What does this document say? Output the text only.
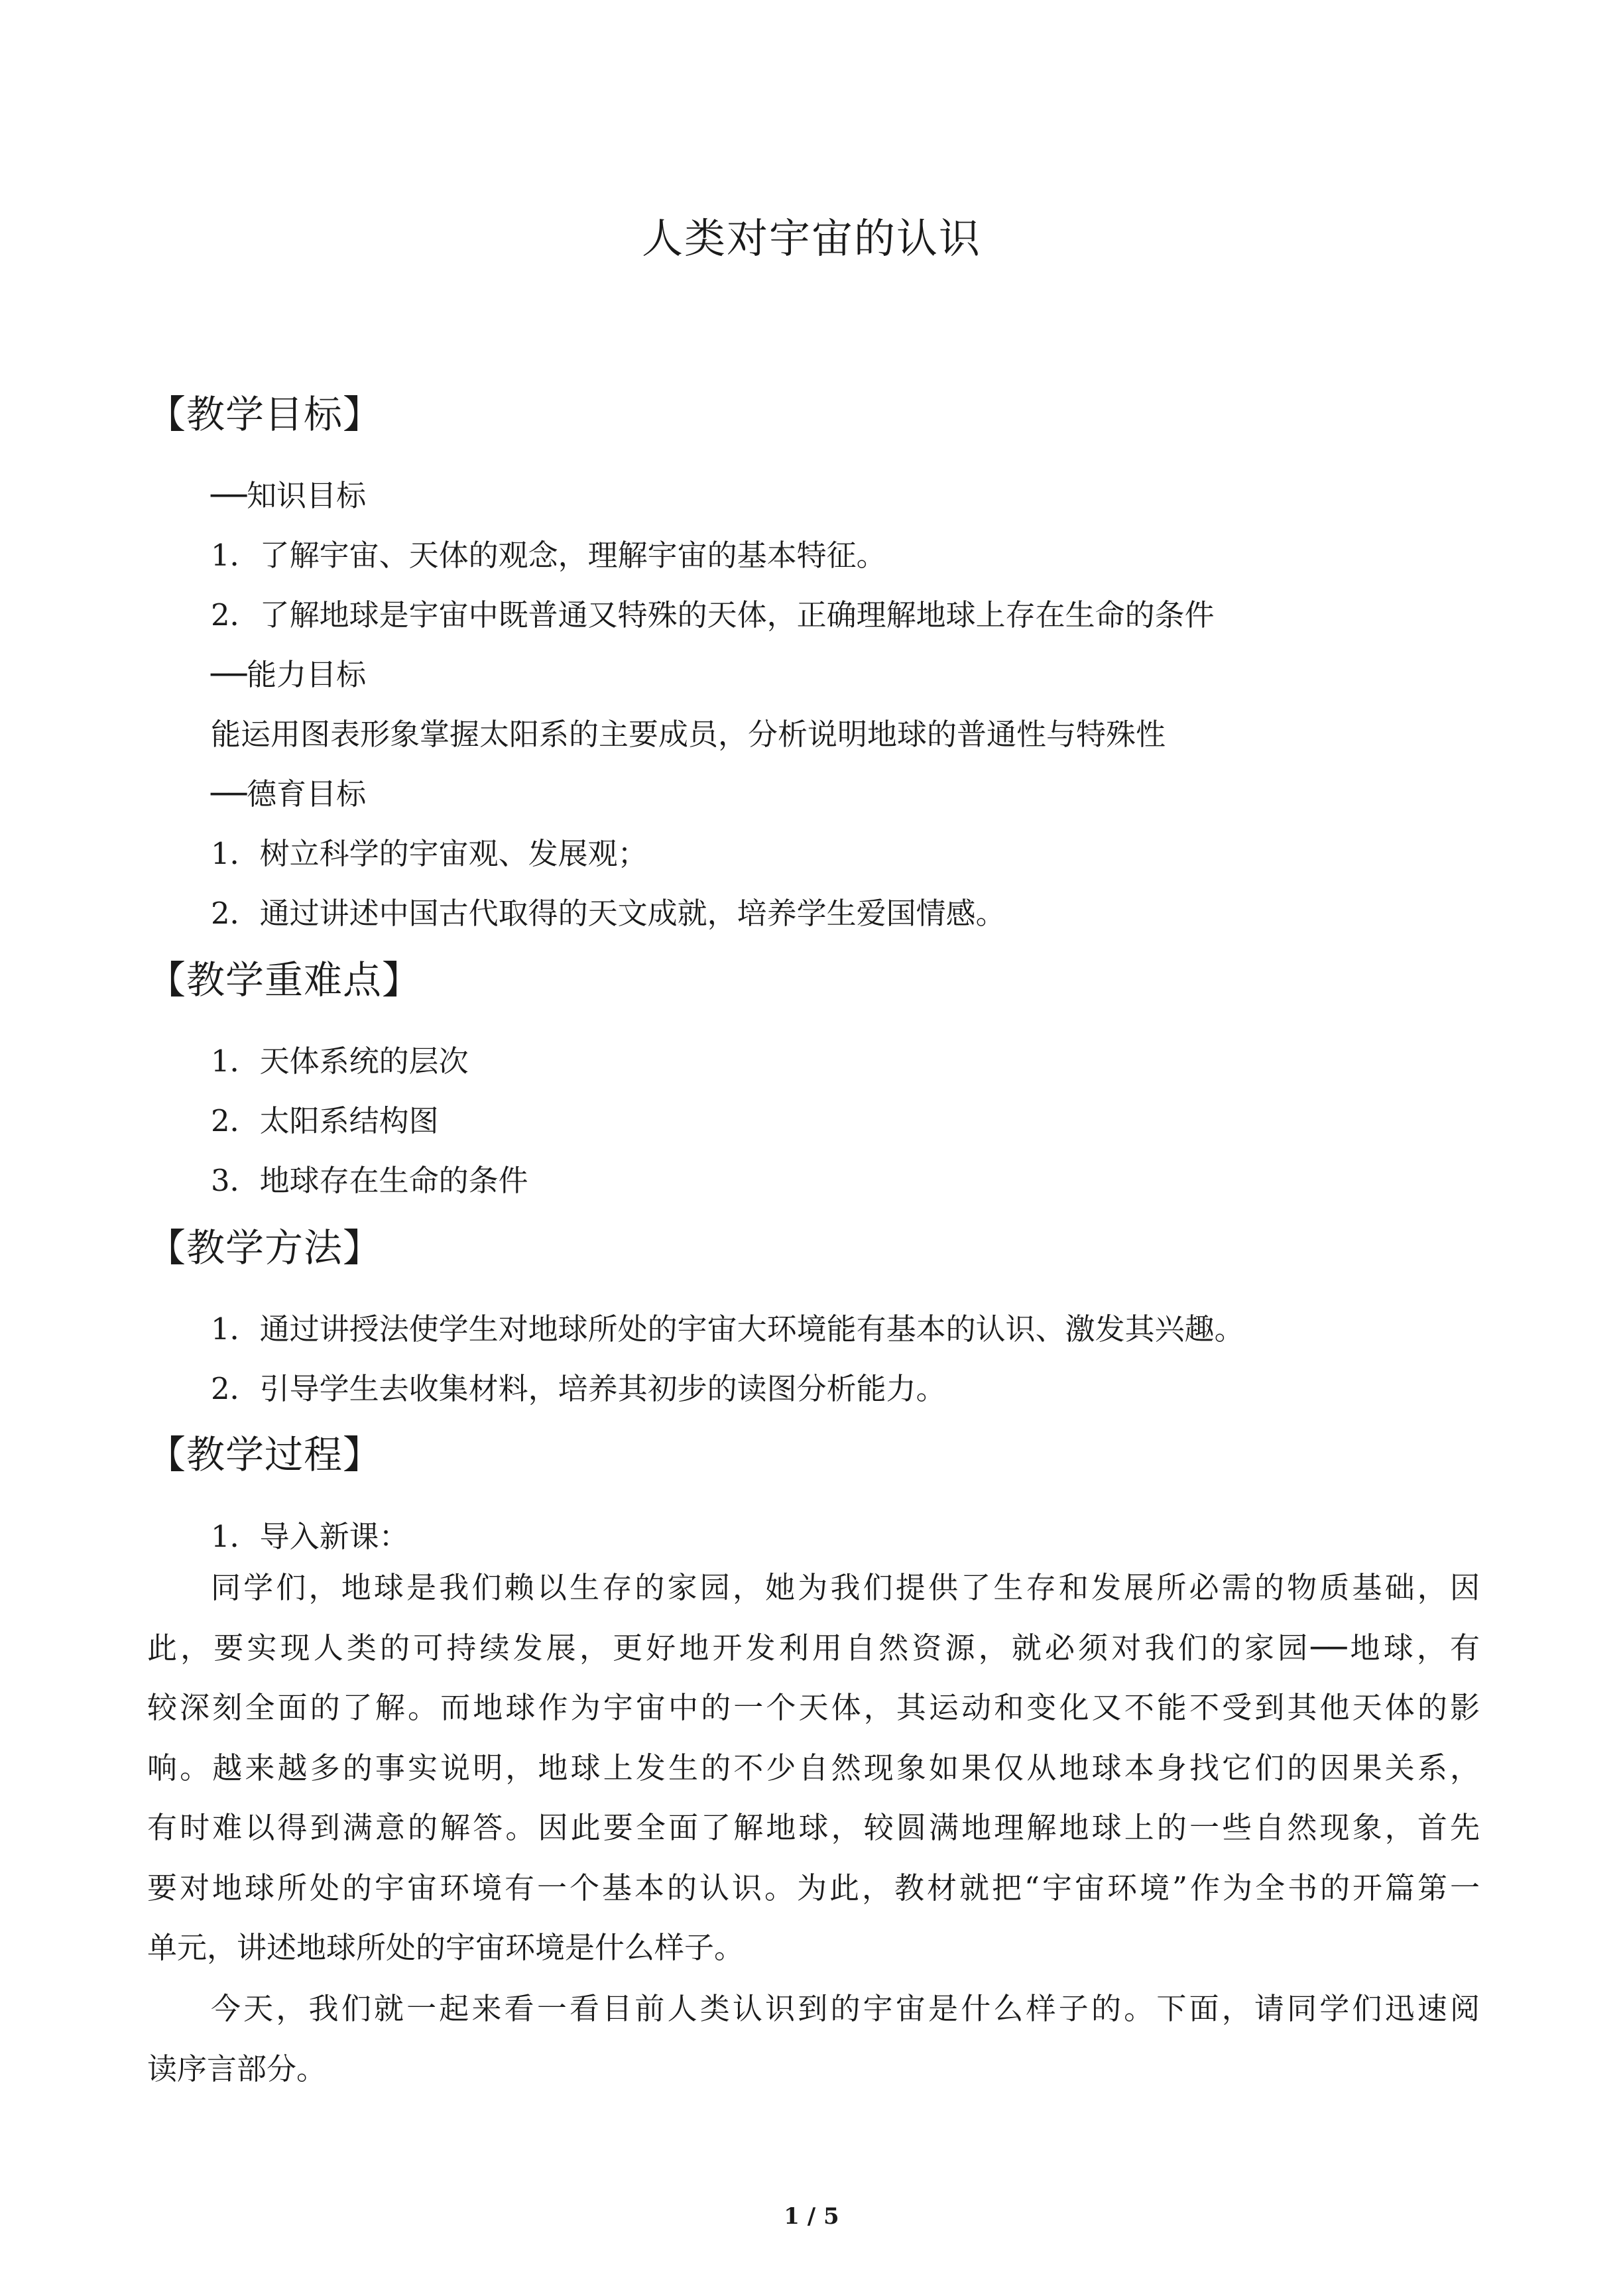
人类对宇宙的认识
【教学目标】
──知识目标
1．了解宇宙、天体的观念，理解宇宙的基本特征。
2．了解地球是宇宙中既普通又特殊的天体，正确理解地球上存在生命的条件
──能力目标
能运用图表形象掌握太阳系的主要成员，分析说明地球的普通性与特殊性
──德育目标
1．树立科学的宇宙观、发展观；
2．通过讲述中国古代取得的天文成就，培养学生爱国情感。
【教学重难点】
1．天体系统的层次
2．太阳系结构图
3．地球存在生命的条件
【教学方法】
1．通过讲授法使学生对地球所处的宇宙大环境能有基本的认识、激发其兴趣。
2．引导学生去收集材料，培养其初步的读图分析能力。
【教学过程】
1．导入新课：
同学们，地球是我们赖以生存的家园，她为我们提供了生存和发展所必需的物质基础，因
此，要实现人类的可持续发展，更好地开发利用自然资源，就必须对我们的家园──地球，有
较深刻全面的了解。而地球作为宇宙中的一个天体，其运动和变化又不能不受到其他天体的影
响。越来越多的事实说明，地球上发生的不少自然现象如果仅从地球本身找它们的因果关系，
有时难以得到满意的解答。因此要全面了解地球，较圆满地理解地球上的一些自然现象，首先
要对地球所处的宇宙环境有一个基本的认识。为此，教材就把“宇宙环境”作为全书的开篇第一
单元，讲述地球所处的宇宙环境是什么样子。
今天，我们就一起来看一看目前人类认识到的宇宙是什么样子的。下面，请同学们迅速阅
读序言部分。
1 / 5
